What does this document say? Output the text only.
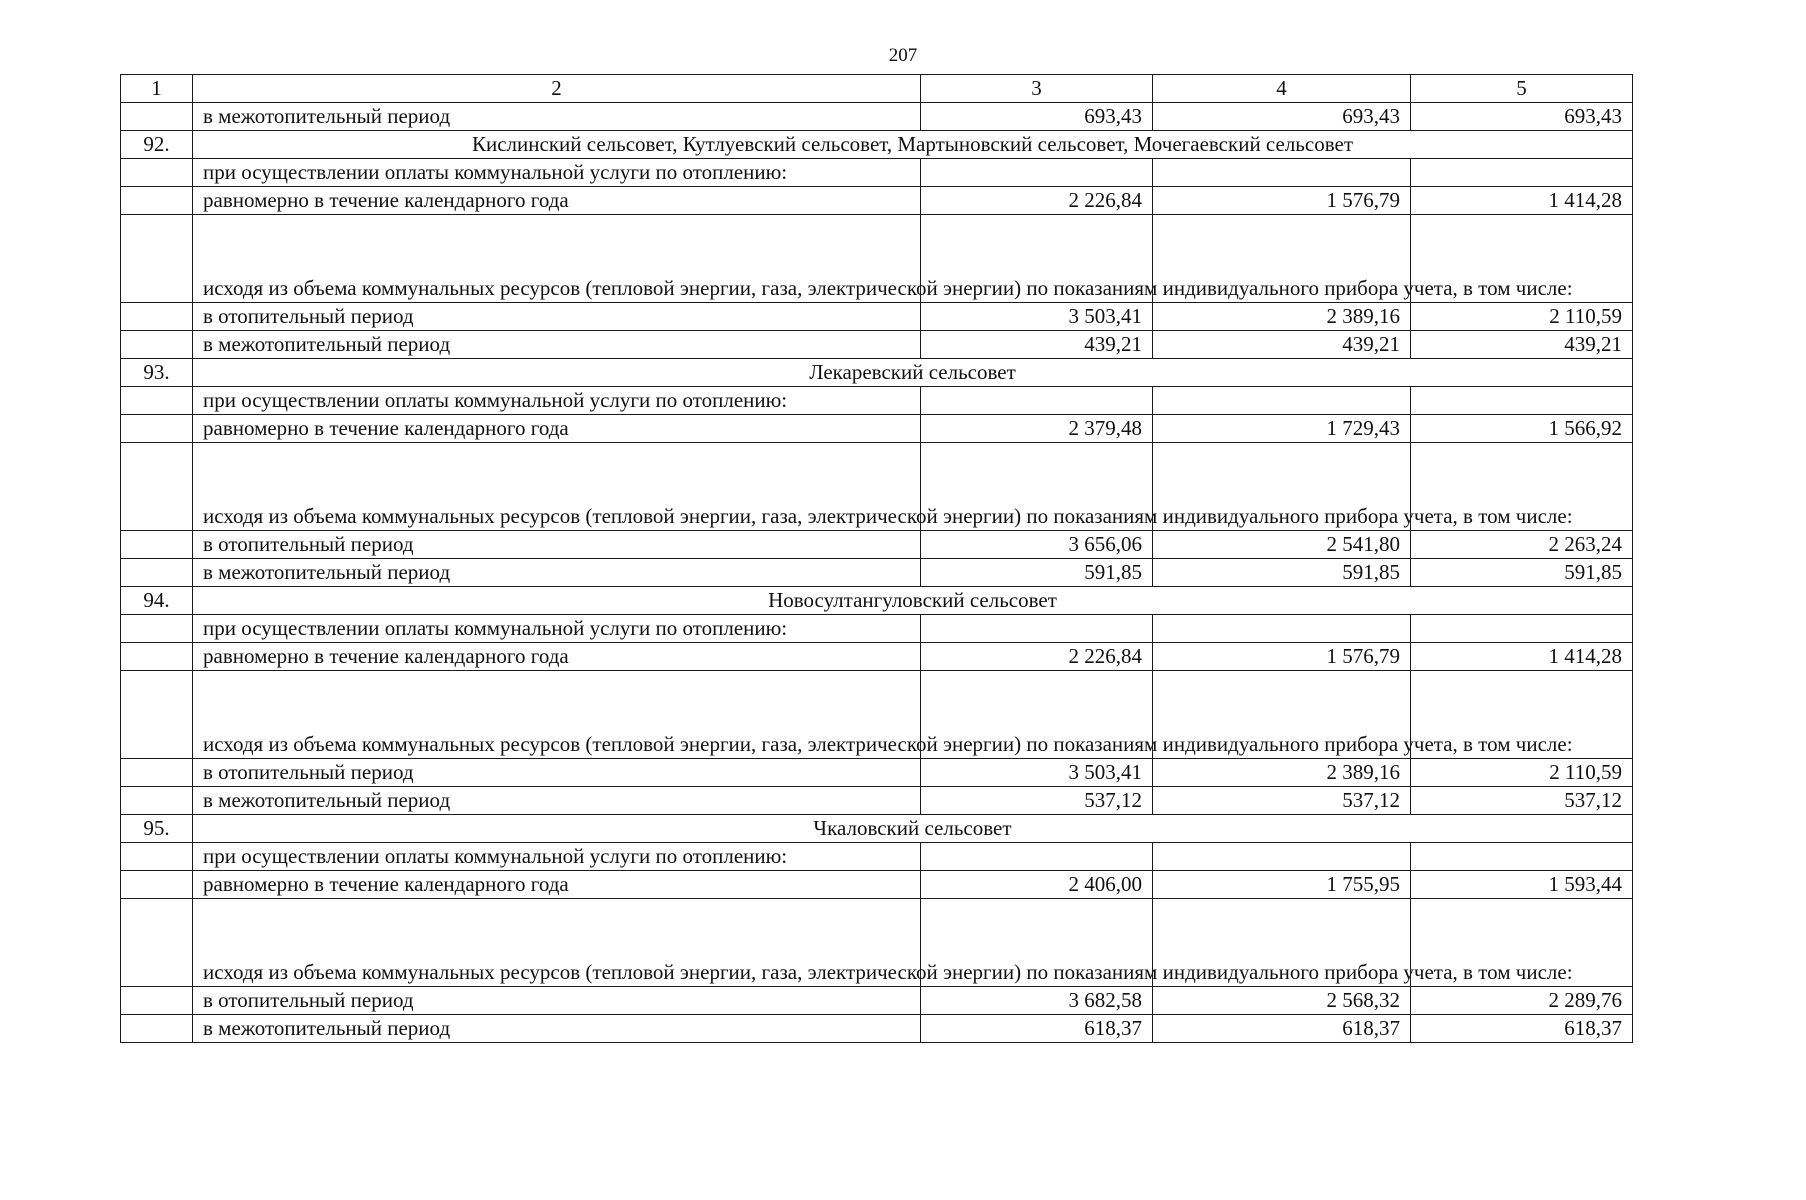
207
1	2	3	4	5
	в межотопительный период	693,43	693,43	693,43
92.	Кислинский сельсовет, Кутлуевский сельсовет, Мартыновский сельсовет, Мочегаевский сельсовет			
	при осуществлении оплаты коммунальной услуги по отоплению:			
	равномерно в течение календарного года	2 226,84	1 576,79	1 414,28
	исходя из объема коммунальных ресурсов (тепловой энергии, газа, электрической энергии) по показаниям индивидуального прибора учета, в том числе:			
	в отопительный период	3 503,41	2 389,16	2 110,59
	в межотопительный период	439,21	439,21	439,21
93.	Лекаревский сельсовет			
	при осуществлении оплаты коммунальной услуги по отоплению:			
	равномерно в течение календарного года	2 379,48	1 729,43	1 566,92
	исходя из объема коммунальных ресурсов (тепловой энергии, газа, электрической энергии) по показаниям индивидуального прибора учета, в том числе:			
	в отопительный период	3 656,06	2 541,80	2 263,24
	в межотопительный период	591,85	591,85	591,85
94.	Новосултангуловский сельсовет			
	при осуществлении оплаты коммунальной услуги по отоплению:			
	равномерно в течение календарного года	2 226,84	1 576,79	1 414,28
	исходя из объема коммунальных ресурсов (тепловой энергии, газа, электрической энергии) по показаниям индивидуального прибора учета, в том числе:			
	в отопительный период	3 503,41	2 389,16	2 110,59
	в межотопительный период	537,12	537,12	537,12
95.	Чкаловский сельсовет			
	при осуществлении оплаты коммунальной услуги по отоплению:			
	равномерно в течение календарного года	2 406,00	1 755,95	1 593,44
	исходя из объема коммунальных ресурсов (тепловой энергии, газа, электрической энергии) по показаниям индивидуального прибора учета, в том числе:			
	в отопительный период	3 682,58	2 568,32	2 289,76
	в межотопительный период	618,37	618,37	618,37
